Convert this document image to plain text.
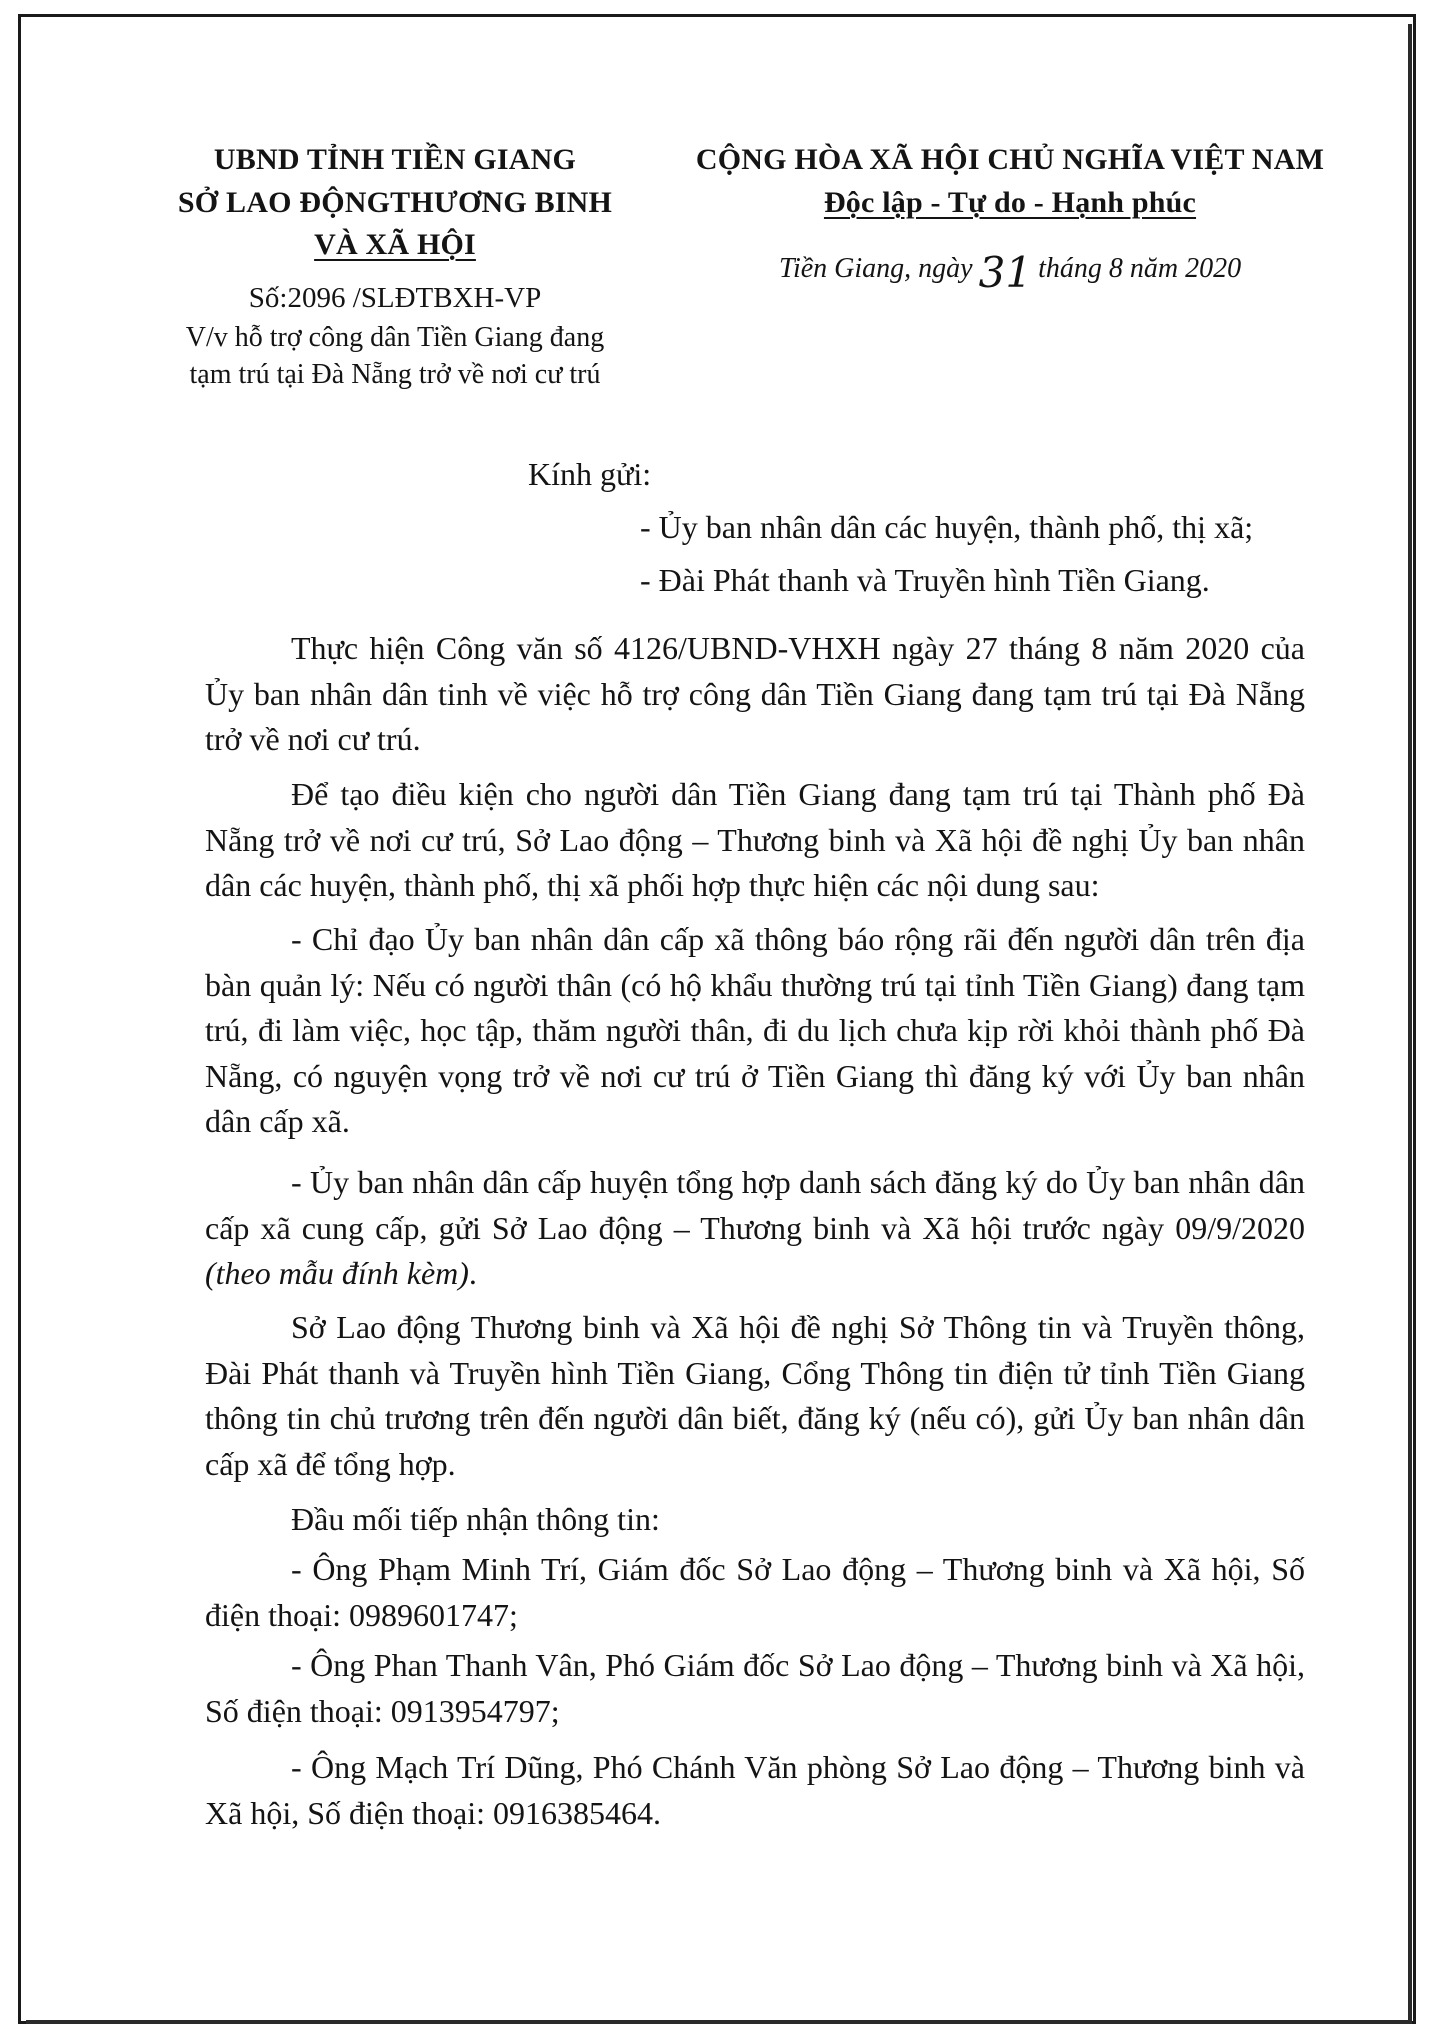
UBND TỈNH TIỀN GIANG
SỞ LAO ĐỘNGTHƯƠNG BINH
VÀ XÃ HỘI
Số:2096 /SLĐTBXH-VP
V/v hỗ trợ công dân Tiền Giang đang
tạm trú tại Đà Nẵng trở về nơi cư trú
CỘNG HÒA XÃ HỘI CHỦ NGHĨA VIỆT NAM
Độc lập - Tự do - Hạnh phúc
Tiền Giang, ngày 31 tháng 8 năm 2020
Kính gửi:
- Ủy ban nhân dân các huyện, thành phố, thị xã;
- Đài Phát thanh và Truyền hình Tiền Giang.
Thực hiện Công văn số 4126/UBND-VHXH ngày 27 tháng 8 năm 2020 của Ủy ban nhân dân tinh về việc hỗ trợ công dân Tiền Giang đang tạm trú tại Đà Nẵng trở về nơi cư trú.
Để tạo điều kiện cho người dân Tiền Giang đang tạm trú tại Thành phố Đà Nẵng trở về nơi cư trú, Sở Lao động – Thương binh và Xã hội đề nghị Ủy ban nhân dân các huyện, thành phố, thị xã phối hợp thực hiện các nội dung sau:
- Chỉ đạo Ủy ban nhân dân cấp xã thông báo rộng rãi đến người dân trên địa bàn quản lý: Nếu có người thân (có hộ khẩu thường trú tại tỉnh Tiền Giang) đang tạm trú, đi làm việc, học tập, thăm người thân, đi du lịch chưa kịp rời khỏi thành phố Đà Nẵng, có nguyện vọng trở về nơi cư trú ở Tiền Giang thì đăng ký với Ủy ban nhân dân cấp xã.
- Ủy ban nhân dân cấp huyện tổng hợp danh sách đăng ký do Ủy ban nhân dân cấp xã cung cấp, gửi Sở Lao động – Thương binh và Xã hội trước ngày 09/9/2020 (theo mẫu đính kèm).
Sở Lao động Thương binh và Xã hội đề nghị Sở Thông tin và Truyền thông, Đài Phát thanh và Truyền hình Tiền Giang, Cổng Thông tin điện tử tỉnh Tiền Giang thông tin chủ trương trên đến người dân biết, đăng ký (nếu có), gửi Ủy ban nhân dân cấp xã để tổng hợp.
Đầu mối tiếp nhận thông tin:
- Ông Phạm Minh Trí, Giám đốc Sở Lao động – Thương binh và Xã hội, Số điện thoại: 0989601747;
- Ông Phan Thanh Vân, Phó Giám đốc Sở Lao động – Thương binh và Xã hội, Số điện thoại: 0913954797;
- Ông Mạch Trí Dũng, Phó Chánh Văn phòng Sở Lao động – Thương binh và Xã hội, Số điện thoại: 0916385464.
